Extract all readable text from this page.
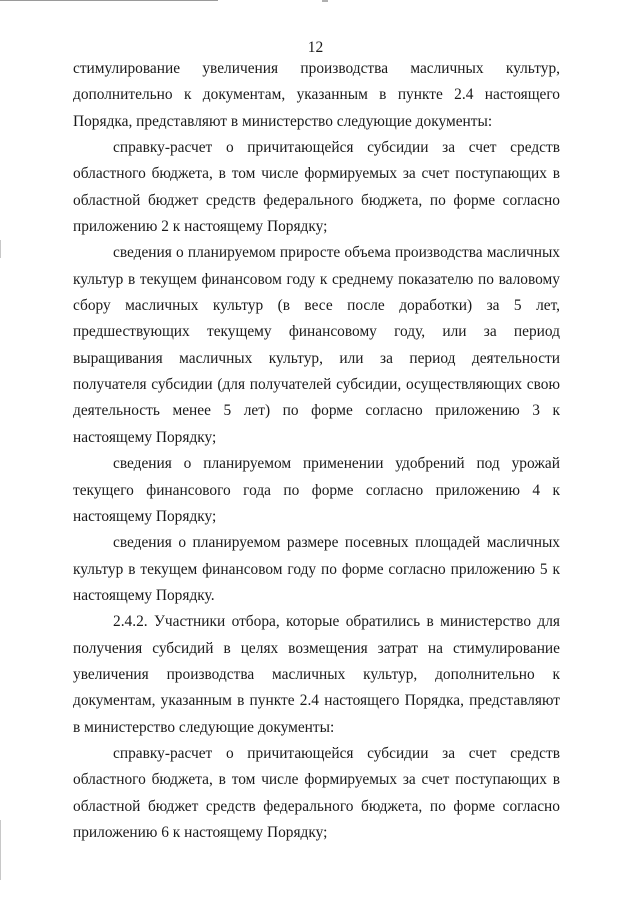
12

стимулирование увеличения производства масличных культур, дополнительно к документам, указанным в пункте 2.4 настоящего Порядка, представляют в министерство следующие документы:

справку-расчет о причитающейся субсидии за счет средств областного бюджета, в том числе формируемых за счет поступающих в областной бюджет средств федерального бюджета, по форме согласно приложению 2 к настоящему Порядку;

сведения о планируемом приросте объема производства масличных культур в текущем финансовом году к среднему показателю по валовому сбору масличных культур (в весе после доработки) за 5 лет, предшествующих текущему финансовому году, или за период выращивания масличных культур, или за период деятельности получателя субсидии (для получателей субсидии, осуществляющих свою деятельность менее 5 лет) по форме согласно приложению 3 к настоящему Порядку;

сведения о планируемом применении удобрений под урожай текущего финансового года по форме согласно приложению 4 к настоящему Порядку;

сведения о планируемом размере посевных площадей масличных культур в текущем финансовом году по форме согласно приложению 5 к настоящему Порядку.

2.4.2. Участники отбора, которые обратились в министерство для получения субсидий в целях возмещения затрат на стимулирование увеличения производства масличных культур, дополнительно к документам, указанным в пункте 2.4 настоящего Порядка, представляют в министерство следующие документы:

справку-расчет о причитающейся субсидии за счет средств областного бюджета, в том числе формируемых за счет поступающих в областной бюджет средств федерального бюджета, по форме согласно приложению 6 к настоящему Порядку;
